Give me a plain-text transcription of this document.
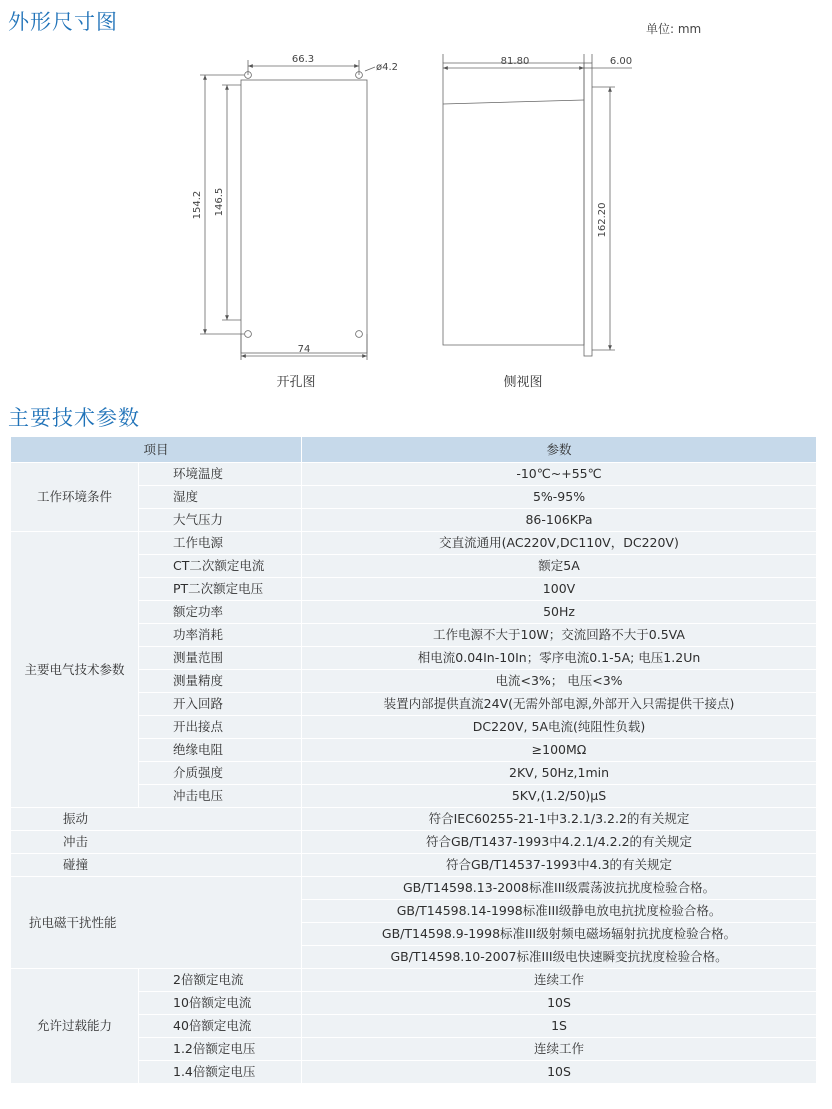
外形尺寸图	单位: mm
66.3
ø4.2
154.2 146.5
74
81.80	6.00
162.20
开孔图	侧视图
主要技术参数
项目		参数
工作环境条件	环境温度	-10℃~+55℃
	湿度	5%-95%
	大气压力	86-106KPa
主要电气技术参数	工作电源	交直流通用(AC220V,DC110V，DC220V)
	CT二次额定电流	额定5A
	PT二次额定电压	100V
	额定功率	50Hz
	功率消耗	工作电源不大于10W；交流回路不大于0.5VA
	测量范围	相电流0.04In-10In；零序电流0.1-5A; 电压1.2Un
	测量精度	电流<3%； 电压<3%
	开入回路	装置内部提供直流24V(无需外部电源,外部开入只需提供干接点)
	开出接点	DC220V, 5A电流(纯阻性负载)
	绝缘电阻	≥100MΩ
	介质强度	2KV, 50Hz,1min
	冲击电压	5KV,(1.2/50)μS
振动		符合IEC60255-21-1中3.2.1/3.2.2的有关规定
冲击		符合GB/T1437-1993中4.2.1/4.2.2的有关规定
碰撞		符合GB/T14537-1993中4.3的有关规定
抗电磁干扰性能		GB/T14598.13-2008标准III级震荡波抗扰度检验合格。
		GB/T14598.14-1998标准III级静电放电抗扰度检验合格。
		GB/T14598.9-1998标准III级射频电磁场辐射抗扰度检验合格。
		GB/T14598.10-2007标准III级电快速瞬变抗扰度检验合格。
允许过载能力	2倍额定电流	连续工作
	10倍额定电流	10S
	40倍额定电流	1S
	1.2倍额定电压	连续工作
	1.4倍额定电压	10S
